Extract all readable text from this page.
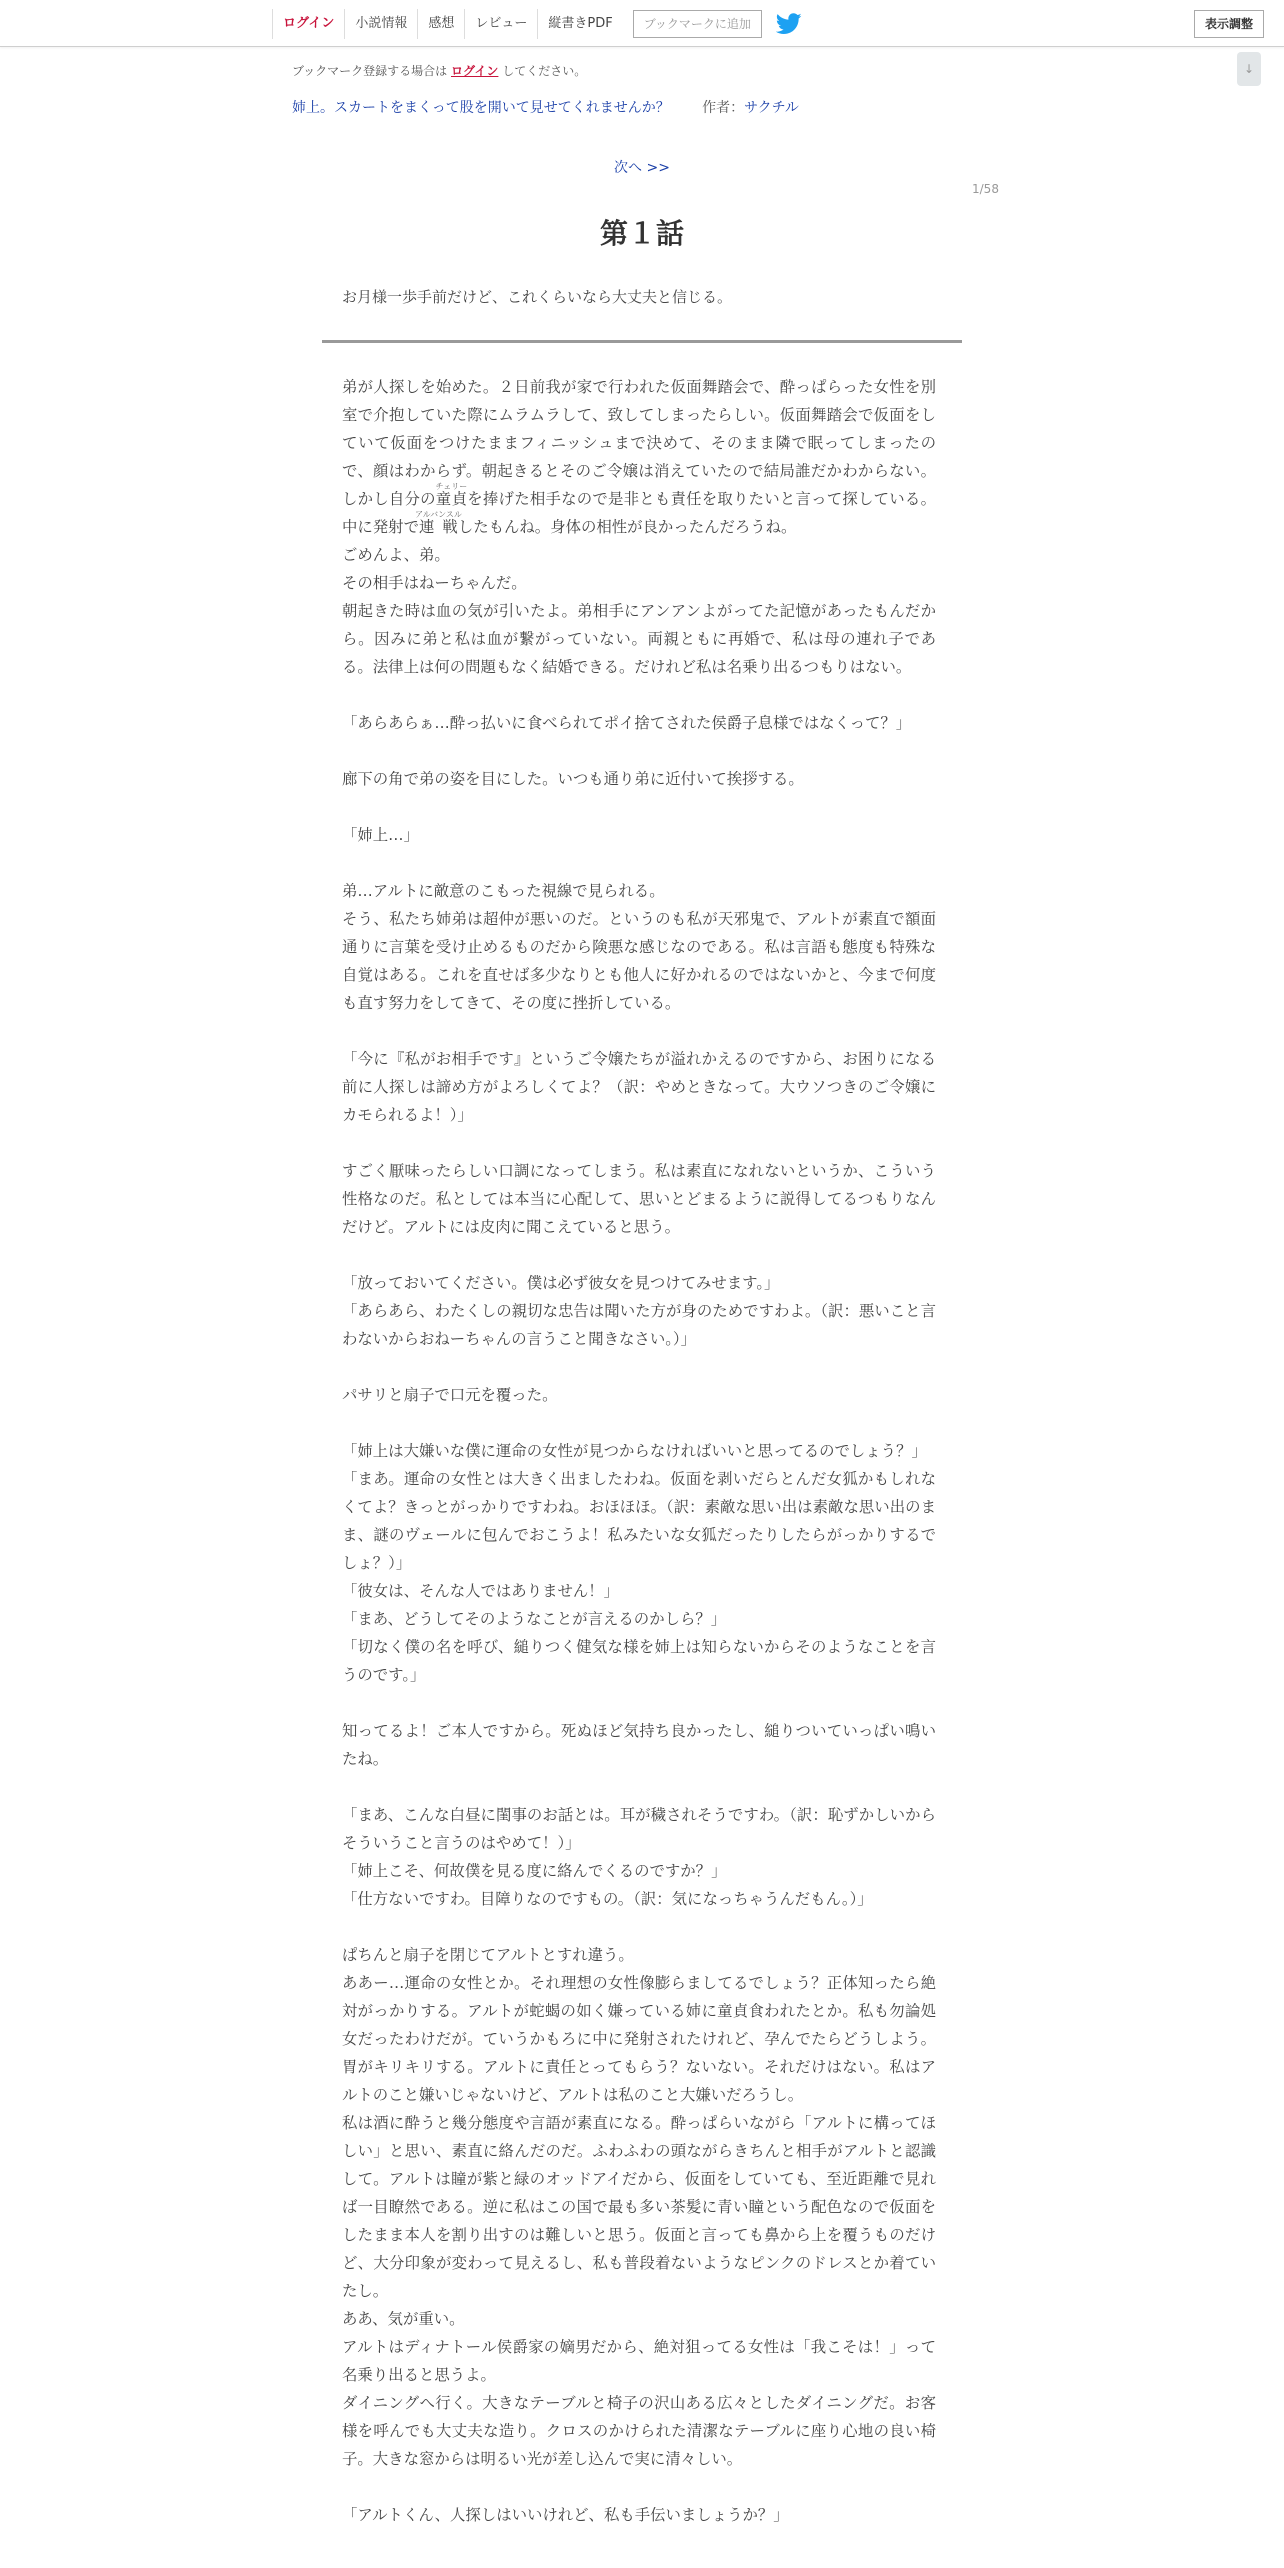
ログイン	小説情報	感想	レビュー	縦書きPDF	ブックマークに追加	表示調整
↓
ブックマーク登録する場合は ログイン してください。
姉上。スカートをまくって股を開いて見せてくれませんか？ 作者：サクチル
次へ >>
1/58
第１話
お月様一歩手前だけど、これくらいなら大丈夫と信じる。

弟が人探しを始めた。２日前我が家で行われた仮面舞踏会で、酔っぱらった女性を別室で介抱していた際にムラムラして、致してしまったらしい。仮面舞踏会で仮面をしていて仮面をつけたままフィニッシュまで決めて、そのまま隣で眠ってしまったので、顔はわからず。朝起きるとそのご令嬢は消えていたので結局誰だかわからない。しかし自分の童貞チェリーを捧げた相手なので是非とも責任を取りたいと言って探している。中に発射で連戦アルバンスルしたもんね。身体の相性が良かったんだろうね。

ごめんよ、弟。

その相手はねーちゃんだ。

朝起きた時は血の気が引いたよ。弟相手にアンアンよがってた記憶があったもんだから。因みに弟と私は血が繋がっていない。両親ともに再婚で、私は母の連れ子である。法律上は何の問題もなく結婚できる。だけれど私は名乗り出るつもりはない。

「あらあらぁ…酔っ払いに食べられてポイ捨てされた侯爵子息様ではなくって？」

廊下の角で弟の姿を目にした。いつも通り弟に近付いて挨拶する。

「姉上…」

弟…アルトに敵意のこもった視線で見られる。

そう、私たち姉弟は超仲が悪いのだ。というのも私が天邪鬼で、アルトが素直で額面通りに言葉を受け止めるものだから険悪な感じなのである。私は言語も態度も特殊な自覚はある。これを直せば多少なりとも他人に好かれるのではないかと、今まで何度も直す努力をしてきて、その度に挫折している。

「今に『私がお相手です』というご令嬢たちが溢れかえるのですから、お困りになる前に人探しは諦め方がよろしくてよ？（訳：やめときなって。大ウソつきのご令嬢にカモられるよ！）」

すごく厭味ったらしい口調になってしまう。私は素直になれないというか、こういう性格なのだ。私としては本当に心配して、思いとどまるように説得してるつもりなんだけど。アルトには皮肉に聞こえていると思う。

「放っておいてください。僕は必ず彼女を見つけてみせます。」

「あらあら、わたくしの親切な忠告は聞いた方が身のためですわよ。（訳：悪いこと言わないからおねーちゃんの言うこと聞きなさい。）」

パサリと扇子で口元を覆った。

「姉上は大嫌いな僕に運命の女性が見つからなければいいと思ってるのでしょう？」

「まあ。運命の女性とは大きく出ましたわね。仮面を剥いだらとんだ女狐かもしれなくてよ？きっとがっかりですわね。おほほほ。（訳：素敵な思い出は素敵な思い出のまま、謎のヴェールに包んでおこうよ！私みたいな女狐だったりしたらがっかりするでしょ？）」

「彼女は、そんな人ではありません！」

「まあ、どうしてそのようなことが言えるのかしら？」

「切なく僕の名を呼び、縋りつく健気な様を姉上は知らないからそのようなことを言うのです。」

知ってるよ！ご本人ですから。死ぬほど気持ち良かったし、縋りついていっぱい鳴いたね。

「まあ、こんな白昼に閨事のお話とは。耳が穢されそうですわ。（訳：恥ずかしいからそういうこと言うのはやめて！）」

「姉上こそ、何故僕を見る度に絡んでくるのですか？」

「仕方ないですわ。目障りなのですもの。（訳：気になっちゃうんだもん。）」

ぱちんと扇子を閉じてアルトとすれ違う。

ああー…運命の女性とか。それ理想の女性像膨らましてるでしょう？正体知ったら絶対がっかりする。アルトが蛇蝎の如く嫌っている姉に童貞食われたとか。私も勿論処女だったわけだが。ていうかもろに中に発射されたけれど、孕んでたらどうしよう。胃がキリキリする。アルトに責任とってもらう？ないない。それだけはない。私はアルトのこと嫌いじゃないけど、アルトは私のこと大嫌いだろうし。

私は酒に酔うと幾分態度や言語が素直になる。酔っぱらいながら「アルトに構ってほしい」と思い、素直に絡んだのだ。ふわふわの頭ながらきちんと相手がアルトと認識して。アルトは瞳が紫と緑のオッドアイだから、仮面をしていても、至近距離で見れば一目瞭然である。逆に私はこの国で最も多い茶髪に青い瞳という配色なので仮面をしたまま本人を割り出すのは難しいと思う。仮面と言っても鼻から上を覆うものだけど、大分印象が変わって見えるし、私も普段着ないようなピンクのドレスとか着ていたし。

ああ、気が重い。

アルトはディナトール侯爵家の嫡男だから、絶対狙ってる女性は「我こそは！」って名乗り出ると思うよ。

ダイニングへ行く。大きなテーブルと椅子の沢山ある広々としたダイニングだ。お客様を呼んでも大丈夫な造り。クロスのかけられた清潔なテーブルに座り心地の良い椅子。大きな窓からは明るい光が差し込んで実に清々しい。

「アルトくん、人探しはいいけれど、私も手伝いましょうか？」
